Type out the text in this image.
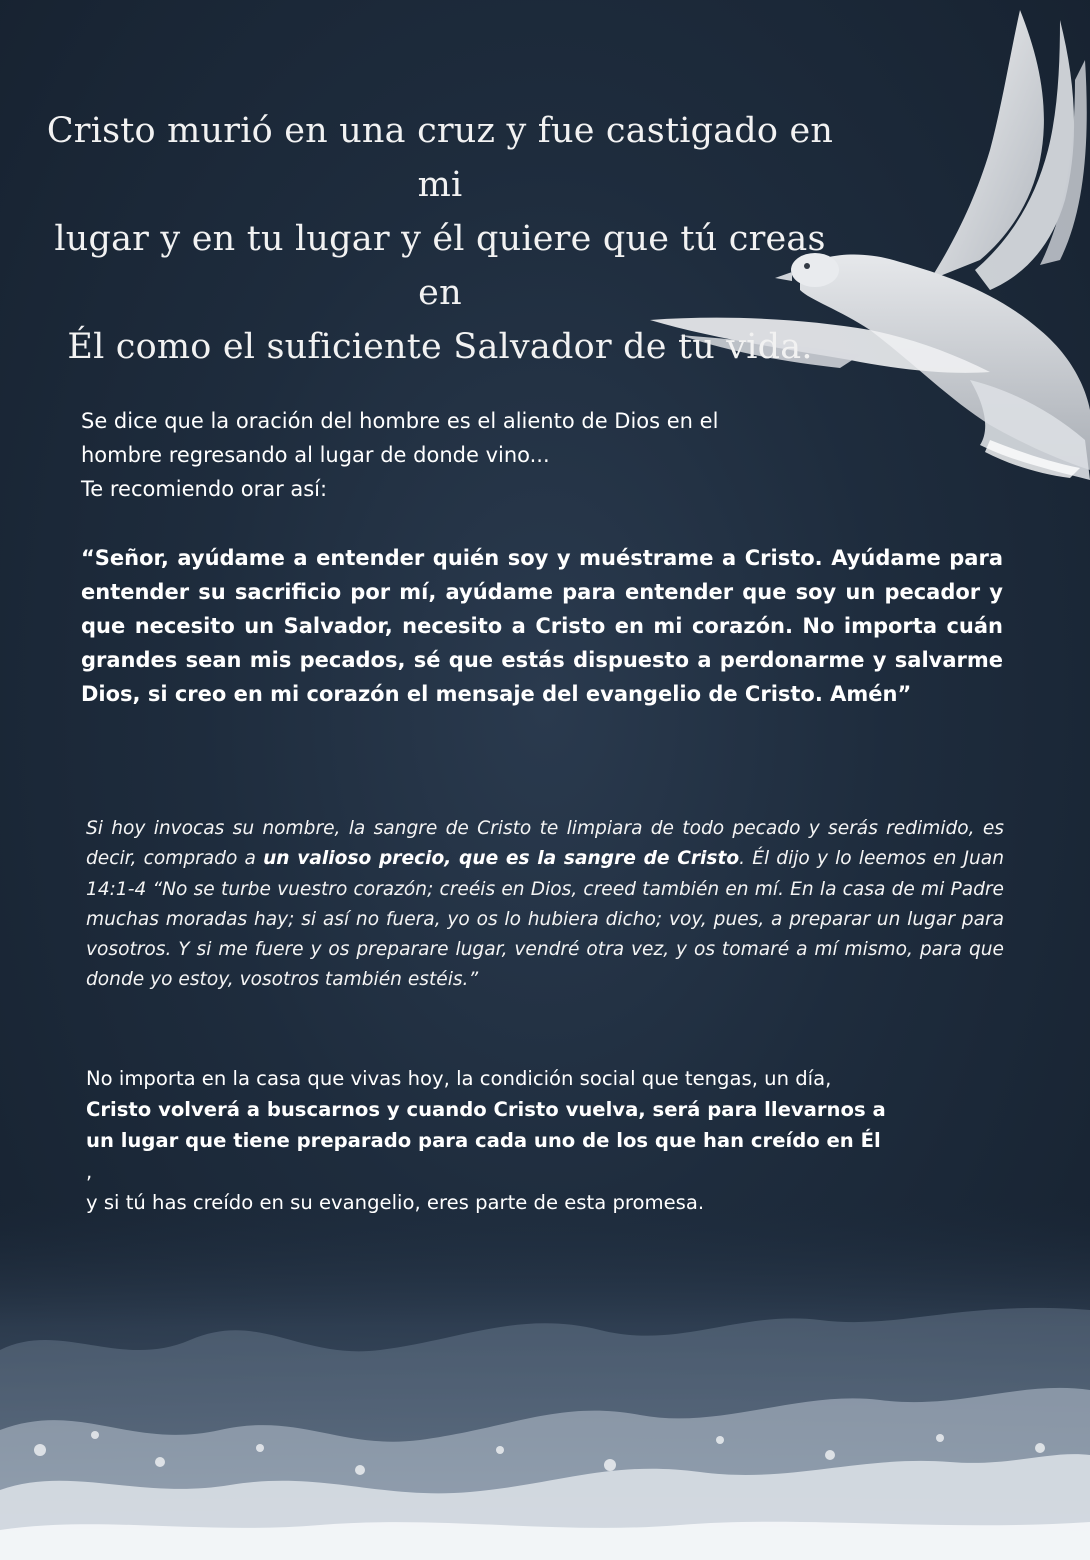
Cristo murió en una cruz y fue castigado en mi
lugar y en tu lugar y él quiere que tú creas en
Él como el suficiente Salvador de tu vida.
Se dice que la oración del hombre es el aliento de Dios en el
hombre regresando al lugar de donde vino...
Te recomiendo orar así:

“Señor, ayúdame a entender quién soy y muéstrame a Cristo. Ayúdame para entender su sacrificio por mí, ayúdame para entender que soy un pecador y que necesito un Salvador, necesito a Cristo en mi corazón. No importa cuán grandes sean mis pecados, sé que estás dispuesto a perdonarme y salvarme Dios, si creo en mi corazón el mensaje del evangelio de Cristo. Amén”

Si hoy invocas su nombre, la sangre de Cristo te limpiara de todo pecado y serás redimido, es decir, comprado a un valioso precio, que es la sangre de Cristo. Él dijo y lo leemos en Juan 14:1-4 “No se turbe vuestro corazón; creéis en Dios, creed también en mí. En la casa de mi Padre muchas moradas hay; si así no fuera, yo os lo hubiera dicho; voy, pues, a preparar un lugar para vosotros. Y si me fuere y os preparare lugar, vendré otra vez, y os tomaré a mí mismo, para que donde yo estoy, vosotros también estéis.”

No importa en la casa que vivas hoy, la condición social que tengas, un día,
Cristo volverá a buscarnos y cuando Cristo vuelva, será para llevarnos a
un lugar que tiene preparado para cada uno de los que han creído en Él
,
y si tú has creído en su evangelio, eres parte de esta promesa.
